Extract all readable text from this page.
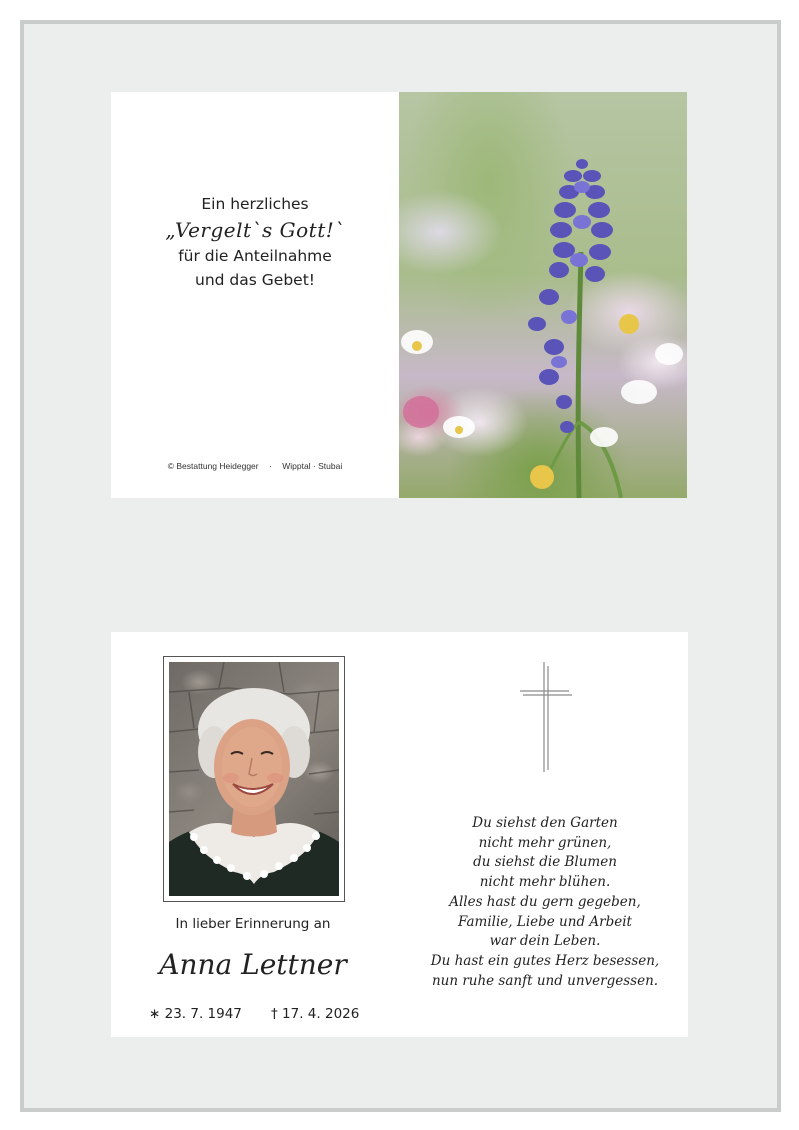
Ein herzliches
„Vergelt`s Gott!`
für die Anteilnahme
und das Gebet!
© Bestattung Heidegger · Wipptal · Stubai
In lieber Erinnerung an
Anna Lettner
∗ 23. 7. 1947 † 17. 4. 2026
Du siehst den Garten
nicht mehr grünen,
du siehst die Blumen
nicht mehr blühen.
Alles hast du gern gegeben,
Familie, Liebe und Arbeit
war dein Leben.
Du hast ein gutes Herz besessen,
nun ruhe sanft und unvergessen.
